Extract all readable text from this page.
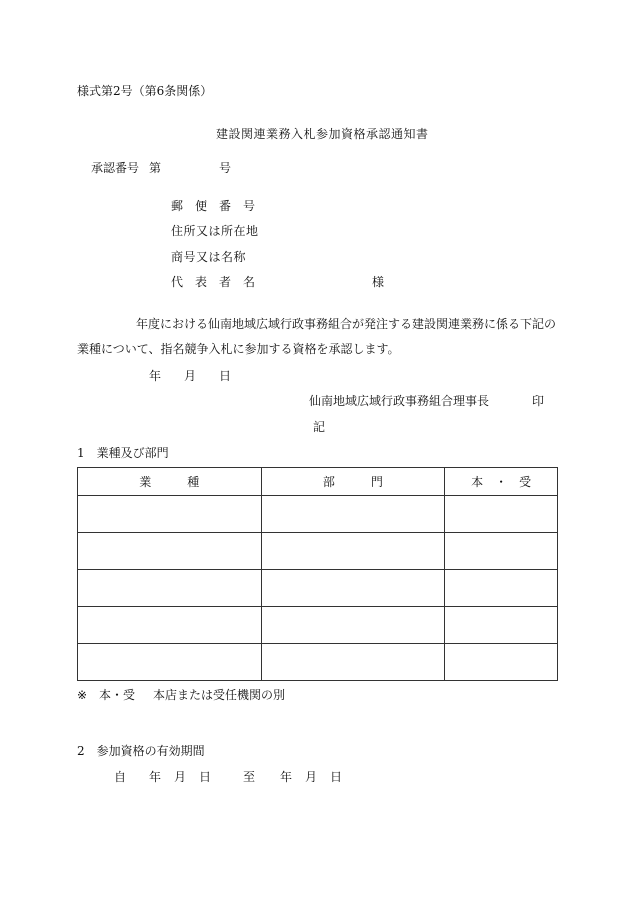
様式第2号（第6条関係）
建設関連業務入札参加資格承認通知書
承認番号 第	号
郵　便　番　号
住所又は所在地
商号又は名称
代　表　者　名	様
年度における仙南地域広域行政事務組合が発注する建設関連業務に係る下記の
業種について、指名競争入札に参加する資格を承認します。
年 月 日
仙南地域広域行政事務組合理事長	印
記
1　業種及び部門
業　　　種	部　　　門	本　・　受

※ 本・受 本店または受任機関の別
2　参加資格の有効期間
自 年 月 日	至 年 月 日
